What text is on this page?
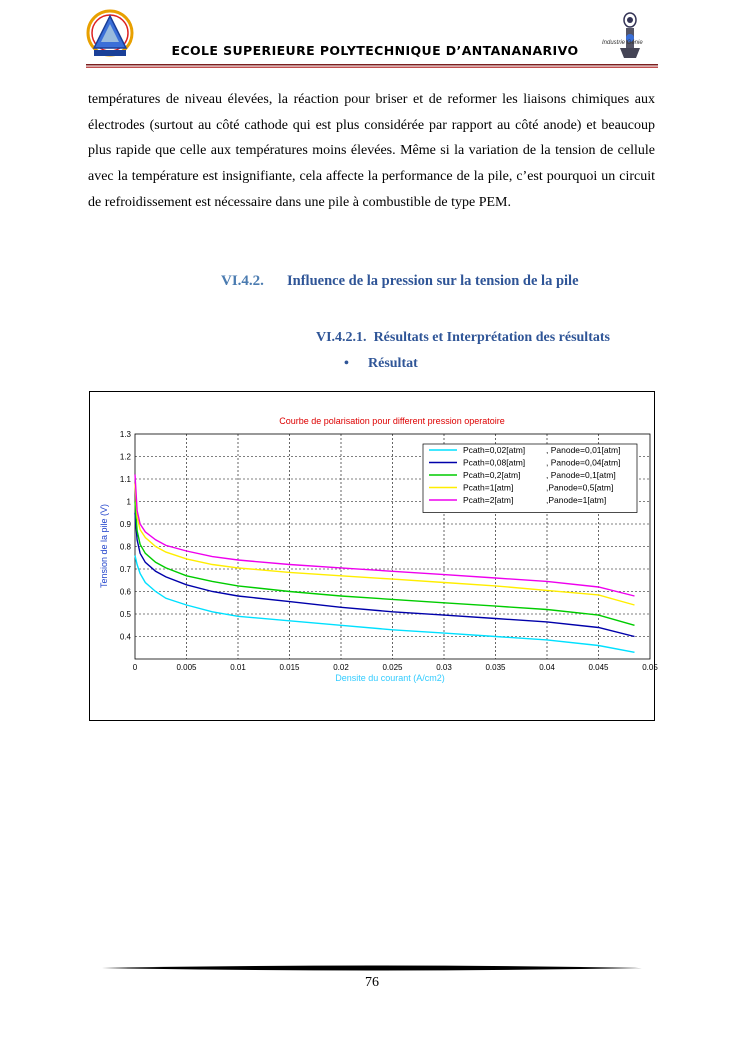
ECOLE SUPERIEURE POLYTECHNIQUE D’ANTANANARIVO	Industrie Génie
températures de niveau élevées, la réaction pour briser et de reformer les liaisons chimiques aux électrodes (surtout au côté cathode qui est plus considérée par rapport au côté anode) et beaucoup plus rapide que celle aux températures moins élevées. Même si la variation de la tension de cellule avec la température est insignifiante, cela affecte la performance de la pile, c’est pourquoi un circuit de refroidissement est nécessaire dans une pile à combustible de type PEM.
VI.4.2. Influence de la pression sur la tension de la pile
VI.4.2.1. Résultats et Interprétation des résultats
• Résultat
0	0.005	0.01	0.015	0.02	0.025	0.03	0.035	0.04	0.045	0.05
0.4
0.5
0.6
0.7
0.8
0.9
1
1.1
1.2
1.3
Courbe de polarisation pour different pression operatoire
Densite du courant (A/cm2)
Tension de la pile (V)
Pcath=0,02[atm] , Panode=0,01[atm]
Pcath=0,08[atm] , Panode=0,04[atm]
Pcath=0,2[atm]	, Panode=0,1[atm]
Pcath=1[atm]	,Panode=0,5[atm]
Pcath=2[atm]	,Panode=1[atm]
76
